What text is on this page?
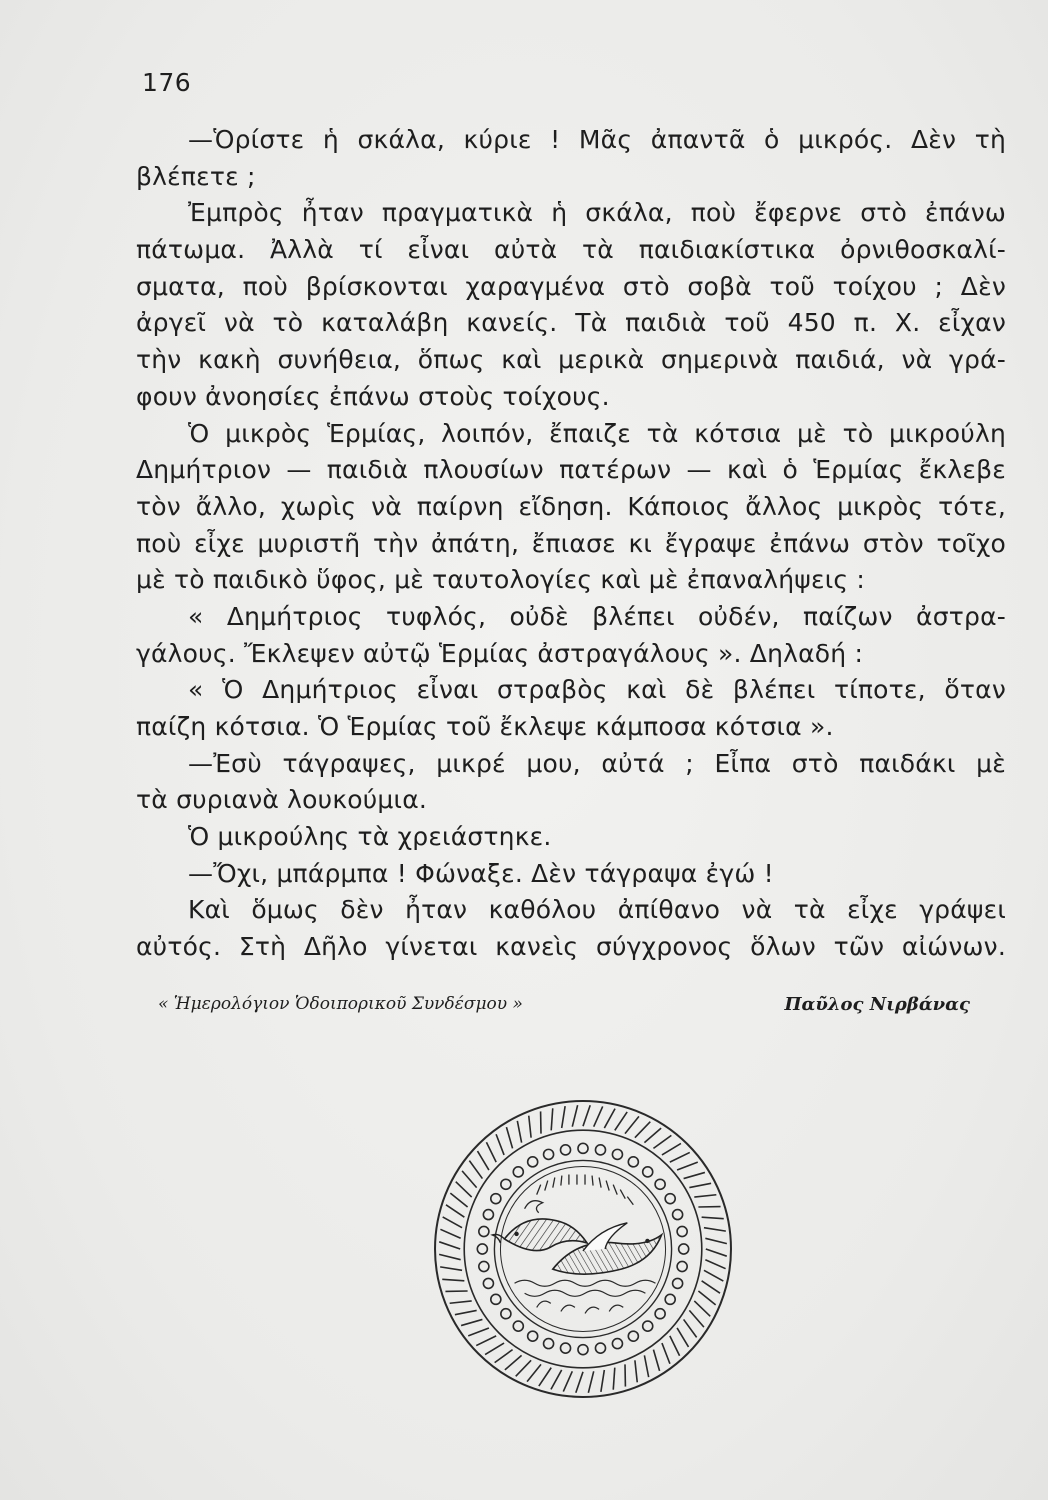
176
—Ὁρίστε ἡ σκάλα, κύριε ! Μᾶς ἀπαντᾶ ὁ μικρός. Δὲν τὴ
βλέπετε ;
Ἐμπρὸς ἦταν πραγματικὰ ἡ σκάλα, ποὺ ἔφερνε στὸ ἐπάνω
πάτωμα. Ἀλλὰ τί εἶναι αὐτὰ τὰ παιδιακίστικα ὀρνιθοσκαλί-
σματα, ποὺ βρίσκονται χαραγμένα στὸ σοβὰ τοῦ τοίχου ; Δὲν
ἀργεῖ νὰ τὸ καταλάβη κανείς. Τὰ παιδιὰ τοῦ 450 π. Χ. εἶχαν
τὴν κακὴ συνήθεια, ὅπως καὶ μερικὰ σημερινὰ παιδιά, νὰ γρά-
φουν ἀνοησίες ἐπάνω στοὺς τοίχους.
Ὁ μικρὸς Ἑρμίας, λοιπόν, ἔπαιζε τὰ κότσια μὲ τὸ μικρούλη
Δημήτριον — παιδιὰ πλουσίων πατέρων — καὶ ὁ Ἑρμίας ἔκλεβε
τὸν ἄλλο, χωρὶς νὰ παίρνη εἴδηση. Κάποιος ἄλλος μικρὸς τότε,
ποὺ εἶχε μυριστῆ τὴν ἀπάτη, ἔπιασε κι ἔγραψε ἐπάνω στὸν τοῖχο
μὲ τὸ παιδικὸ ὕφος, μὲ ταυτολογίες καὶ μὲ ἐπαναλήψεις :
« Δημήτριος τυφλός, οὐδὲ βλέπει οὐδέν, παίζων ἀστρα-
γάλους. Ἔκλεψεν αὐτῷ Ἑρμίας ἀστραγάλους ». Δηλαδή :
« Ὁ Δημήτριος εἶναι στραβὸς καὶ δὲ βλέπει τίποτε, ὅταν
παίζη κότσια. Ὁ Ἑρμίας τοῦ ἔκλεψε κάμποσα κότσια ».
—Ἐσὺ τάγραψες, μικρέ μου, αὐτά ; Εἶπα στὸ παιδάκι μὲ
τὰ συριανὰ λουκούμια.
Ὁ μικρούλης τὰ χρειάστηκε.
—Ὄχι, μπάρμπα ! Φώναξε. Δὲν τάγραψα ἐγώ !
Καὶ ὅμως δὲν ἦταν καθόλου ἀπίθανο νὰ τὰ εἶχε γράψει
αὐτός. Στὴ Δῆλο γίνεται κανεὶς σύγχρονος ὅλων τῶν αἰώνων.
« Ἡμερολόγιον Ὁδοιπορικοῦ Συνδέσμου »	Παῦλος Νιρβάνας
